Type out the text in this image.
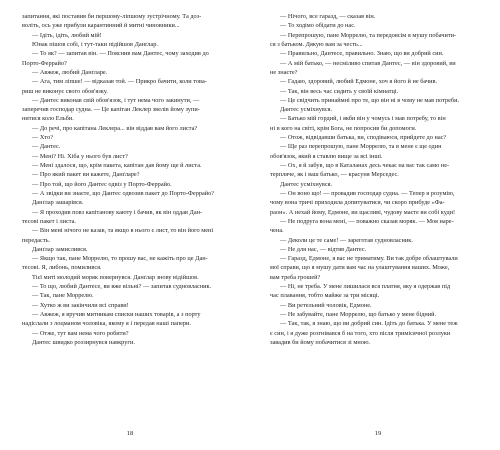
запитання, які поставив би першому-ліпшому зустрічному. Та доз-
воліть, ось уже прибули карантинний й митні чиновники...
— Ідіть, ідіть, любий мій!
Юнак пішов собі, і тут-таки підійшов Данґлар.
— То як? — запитав він. — Пояснив вам Дантес, чому заходив до
Порто-Феррайо?
— Авжеж, любий Данґларе.
— Ага, тим ліпше! — відказав той. — Прикро бачити, коли това-
риш не виконує свого обов'язку.
— Дантес виконав свій обов'язок, і тут нема чого закинути, —
заперечив господар судна. — Це капітан Леклер звелів йому зупи-
нитися коло Ельби.
— До речі, про капітана Леклера... він віддав вам його листа?
— Хто?
— Дантес.
— Мені? Ні. Хіба у нього був лист?
— Мені здалося, що, крім пакета, капітан дав йому ще й листа.
— Про який пакет ви кажете, Данґларе?
— Про той, що його Дантес одвіз у Порто-Феррайо.
— А звідки ви знаєте, що Дантес одвозив пакет до Порто-Феррайо?
Данґлар зашарівся.
— Я проходив повз капітанову каюту і бачив, як він оддав Дан-
тесові пакет і листа.
— Він мені нічого не казав, та якщо в нього є лист, то він його мені
передасть.
Данґлар замислився.
— Якщо так, пане Моррелю, то прошу вас, не кажіть про це Дан-
тесові. Я, либонь, помилився.
Тієї миті молодий моряк повернувся. Данґлар знову відійшов.
— То що, любий Дантесе, ви вже вільні? — запитав судновласник.
— Так, пане Моррелю.
— Хутко ж ви закінчили всі справи!
— Авжеж, я вручив митникам списки наших товарів, а з порту
надіслали з лоцманом чоловіка, якому я і передав наші папери.
— Отже, тут вам нема чого робити?
Дантес швидко роззирнувся навкруги.
18
— Нічого, все гаразд, — сказав він.
— То ходімо обідати до нас.
— Перепрошую, пане Моррелю, та передовсім я мушу побачити-
ся з батьком. Дякую вам за честь...
— Правильно, Дантесе, правильно. Знаю, що ви добрий син.
— А мій батько, — несміливо спитав Дантес, — він здоровий, ви
не знаєте?
— Гадаю, здоровий, любий Едмоне, хоч я його й не бачив.
— Так, він весь час сидить у своїй кімнатці.
— Це свідчить принаймні про те, що він ні в чому не мав потреби.
Дантес усміхнувся.
— Батько мій гордий, і якби він у чомусь і мав потребу, то він
ні в кого на світі, крім Бога, не попросив би допомоги.
— Отож, відвідавши батька, ви, сподіваюся, прийдете до нас?
— Ще раз перепрошую, пане Моррелю, та в мене є ще один
обов'язок, який я ставлю вище за всі інші.
— Ох, я й забув, що в Каталанах десь чекає на вас так само не-
терпляче, як і ваш батько, — красуня Мерседес.
Дантес усміхнувся.
— Он воно що! — провадив господар судна. — Тепер я розумію,
чому вона тричі приходила допитуватися, чи скоро прибуде «Фа-
раон». А нехай йому, Едмоне, ви щасливі, чудову маєте ви собі куди!
— Не подруга вона мені, — поважно сказав моряк. — Моя наре-
чена.
— Деколи це те саме! — зареготав судновласник.
— Не для нас, — відтяв Дантес.
— Гаразд, Едмоне, я вас не триматиму. Ви так добре облаштували
мої справи, що я мушу дати вам час на улаштування ваших. Може,
вам треба грошей?
— Ні, не треба. У мене лишилася вся платня, яку я одержав під
час плавання, тобто майже за три місяці.
— Ви ретельний чоловік, Едмоне.
— Не забувайте, пане Моррелю, що батько у мене бідний.
— Так, так, я знаю, що ви добрий син. Ідіть до батька. У мене теж
є син, і я дуже розгнівався б на того, хто після тримісячної розлуки
завадив би йому побачитися зі мною.
19
